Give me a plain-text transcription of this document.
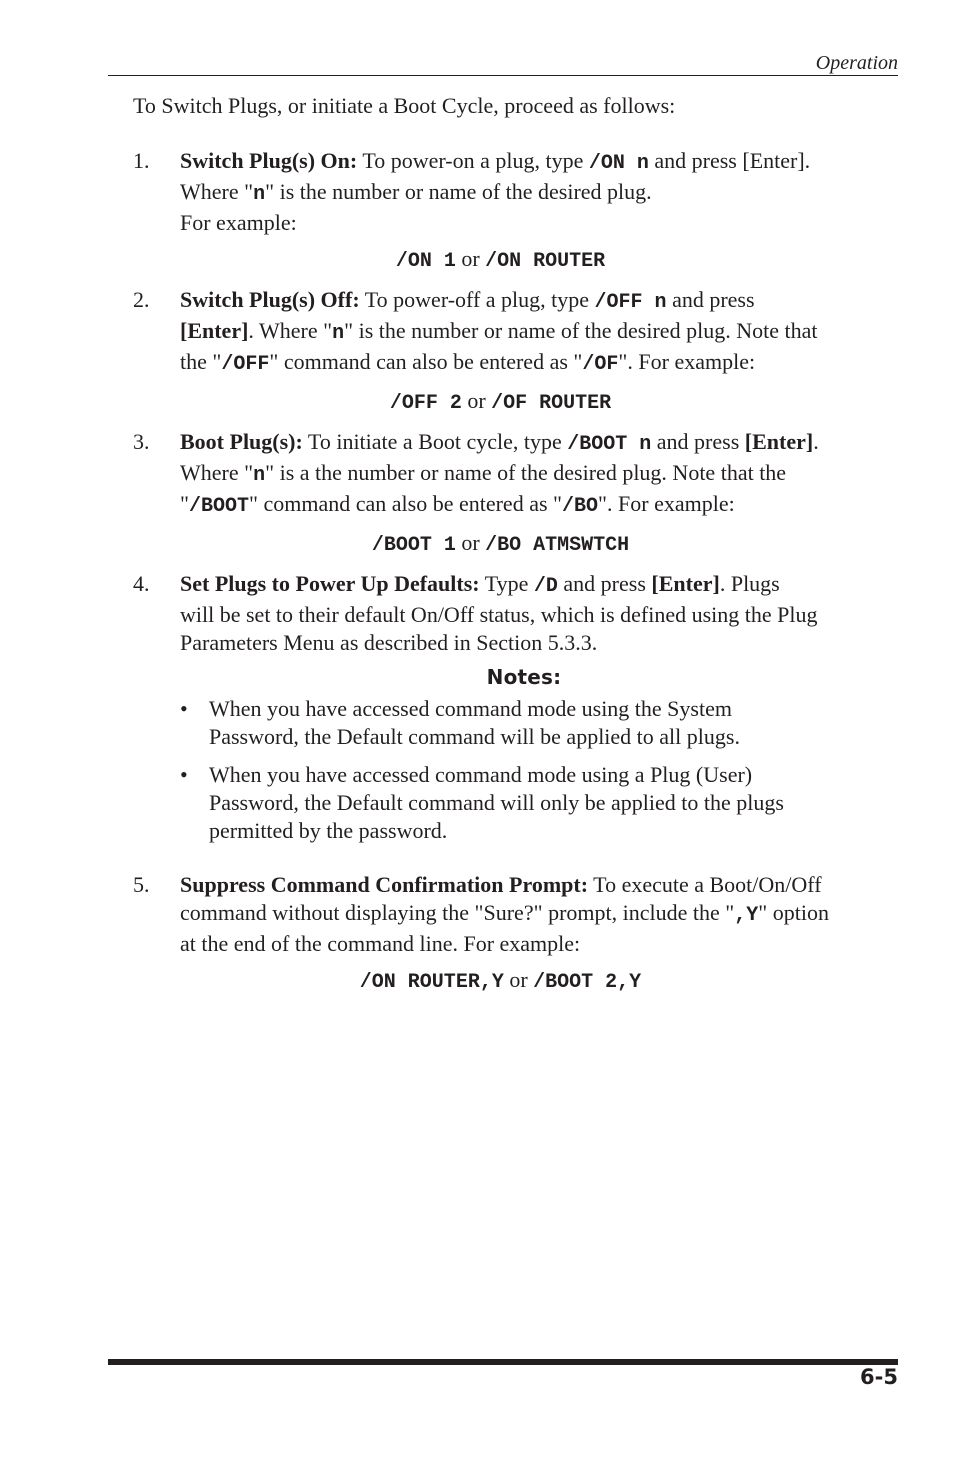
Operation

To Switch Plugs, or initiate a Boot Cycle, proceed as follows:

1. Switch Plug(s) On: To power-on a plug, type /ON n and press [Enter].
Where "n" is the number or name of the desired plug.
For example:

/ON 1 or /ON ROUTER
2. Switch Plug(s) Off: To power-off a plug, type /OFF n and press
[Enter]. Where "n" is the number or name of the desired plug. Note that
the "/OFF" command can also be entered as "/OF". For example:

/OFF 2 or /OF ROUTER
3. Boot Plug(s): To initiate a Boot cycle, type /BOOT n and press [Enter].
Where "n" is a the number or name of the desired plug. Note that the
"/BOOT" command can also be entered as "/BO". For example:

/BOOT 1 or /BO ATMSWTCH
4. Set Plugs to Power Up Defaults: Type /D and press [Enter]. Plugs
will be set to their default On/Off status, which is defined using the Plug
Parameters Menu as described in Section 5.3.3.

Notes:
• When you have accessed command mode using the System
Password, the Default command will be applied to all plugs.
• When you have accessed command mode using a Plug (User)
Password, the Default command will only be applied to the plugs
permitted by the password.
5. Suppress Command Confirmation Prompt: To execute a Boot/On/Off
command without displaying the "Sure?" prompt, include the ",Y" option
at the end of the command line. For example:

/ON ROUTER,Y or /BOOT 2,Y
6-5
